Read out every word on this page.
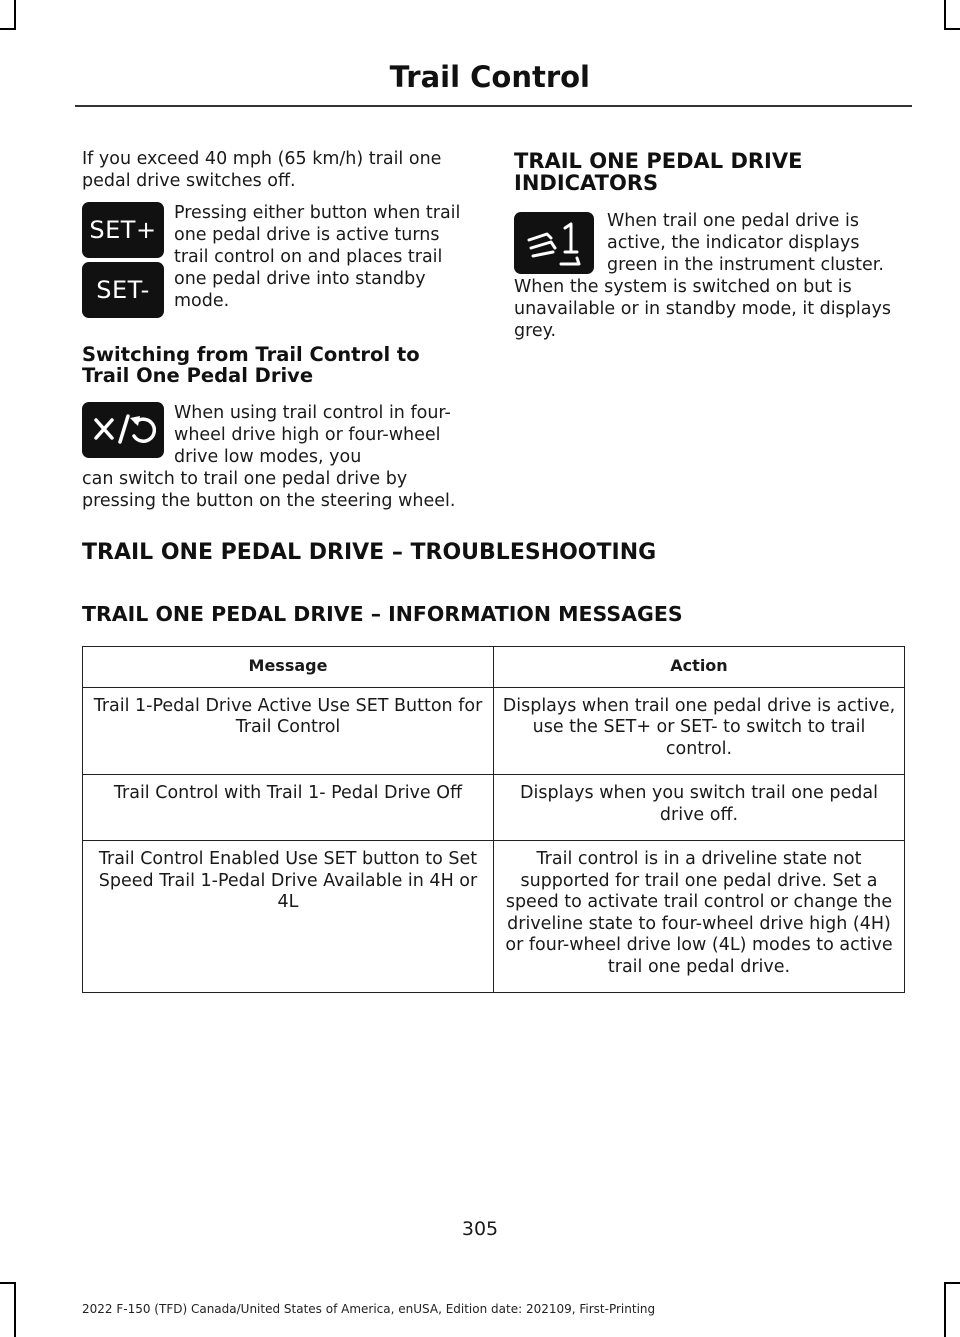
Trail Control

If you exceed 40 mph (65 km/h) trail one pedal drive switches off.

SET+
SET-

Pressing either button when trail one pedal drive is active turns trail control on and places trail one pedal drive into standby mode.

Switching from Trail Control to Trail One Pedal Drive

When using trail control in four-wheel drive high or four-wheel drive low modes, you

can switch to trail one pedal drive by pressing the button on the steering wheel.

TRAIL ONE PEDAL DRIVE INDICATORS

When trail one pedal drive is active, the indicator displays green in the instrument cluster.

When the system is switched on but is unavailable or in standby mode, it displays grey.

TRAIL ONE PEDAL DRIVE – TROUBLESHOOTING
TRAIL ONE PEDAL DRIVE – INFORMATION MESSAGES
Message	Action
Trail 1-Pedal Drive Active Use SET Button for Trail Control	Displays when trail one pedal drive is active, use the SET+ or SET- to switch to trail control.
Trail Control with Trail 1- Pedal Drive Off	Displays when you switch trail one pedal drive off.
Trail Control Enabled Use SET button to Set Speed Trail 1-Pedal Drive Available in 4H or 4L	Trail control is in a driveline state not supported for trail one pedal drive. Set a speed to activate trail control or change the driveline state to four-wheel drive high (4H) or four-wheel drive low (4L) modes to active trail one pedal drive.
305
2022 F-150 (TFD) Canada/United States of America, enUSA, Edition date: 202109, First-Printing
